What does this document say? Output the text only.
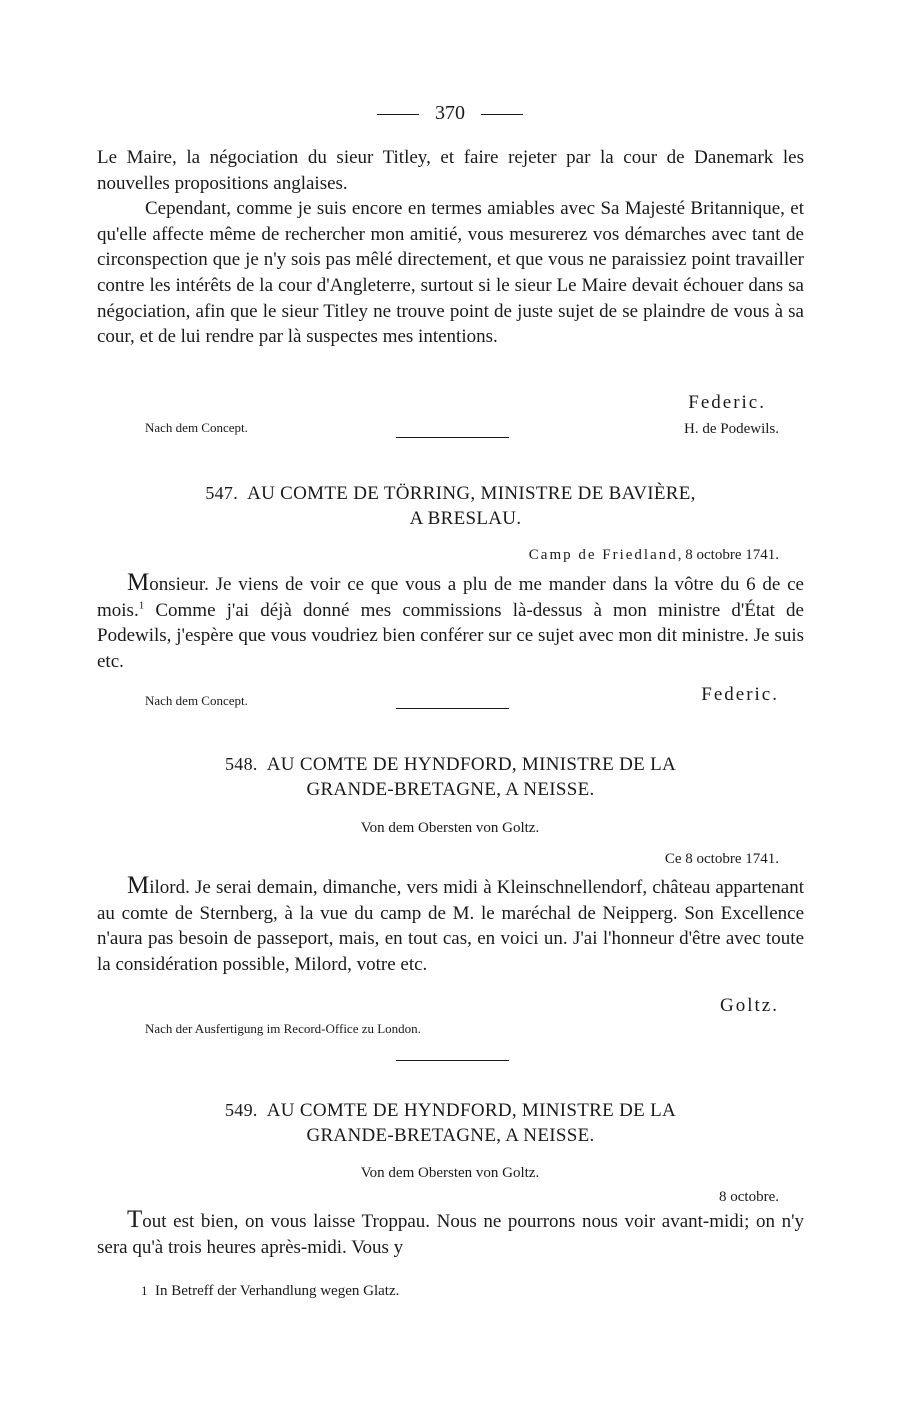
370

Le Maire, la négociation du sieur Titley, et faire rejeter par la cour de Danemark les nouvelles propositions anglaises.

Cependant, comme je suis encore en termes amiables avec Sa Majesté Britannique, et qu'elle affecte même de rechercher mon amitié, vous mesurerez vos démarches avec tant de circonspection que je n'y sois pas mêlé directement, et que vous ne paraissiez point travailler contre les intérêts de la cour d'Angleterre, surtout si le sieur Le Maire devait échouer dans sa négociation, afin que le sieur Titley ne trouve point de juste sujet de se plaindre de vous à sa cour, et de lui rendre par là suspectes mes intentions.

Federic.
Nach dem Concept.	H. de Podewils.
547. AU COMTE DE TÖRRING, MINISTRE DE BAVIÈRE,
A BRESLAU.
Camp de Friedland, 8 octobre 1741.

Monsieur. Je viens de voir ce que vous a plu de me mander dans la vôtre du 6 de ce mois.$^1$ Comme j'ai déjà donné mes commissions là-dessus à mon ministre d'État de Podewils, j'espère que vous voudriez bien conférer sur ce sujet avec mon dit ministre. Je suis etc.

Nach dem Concept.	Federic.
548. AU COMTE DE HYNDFORD, MINISTRE DE LA
GRANDE-BRETAGNE, A NEISSE.
Von dem Obersten von Goltz.
Ce 8 octobre 1741.

Milord. Je serai demain, dimanche, vers midi à Kleinschnellendorf, château appartenant au comte de Sternberg, à la vue du camp de M. le maréchal de Neipperg. Son Excellence n'aura pas besoin de passeport, mais, en tout cas, en voici un. J'ai l'honneur d'être avec toute la considération possible, Milord, votre etc.

Goltz.
Nach der Ausfertigung im Record-Office zu London.
549. AU COMTE DE HYNDFORD, MINISTRE DE LA
GRANDE-BRETAGNE, A NEISSE.
Von dem Obersten von Goltz.
8 octobre.

Tout est bien, on vous laisse Troppau. Nous ne pourrons nous voir avant-midi; on n'y sera qu'à trois heures après-midi. Vous y

1 In Betreff der Verhandlung wegen Glatz.
